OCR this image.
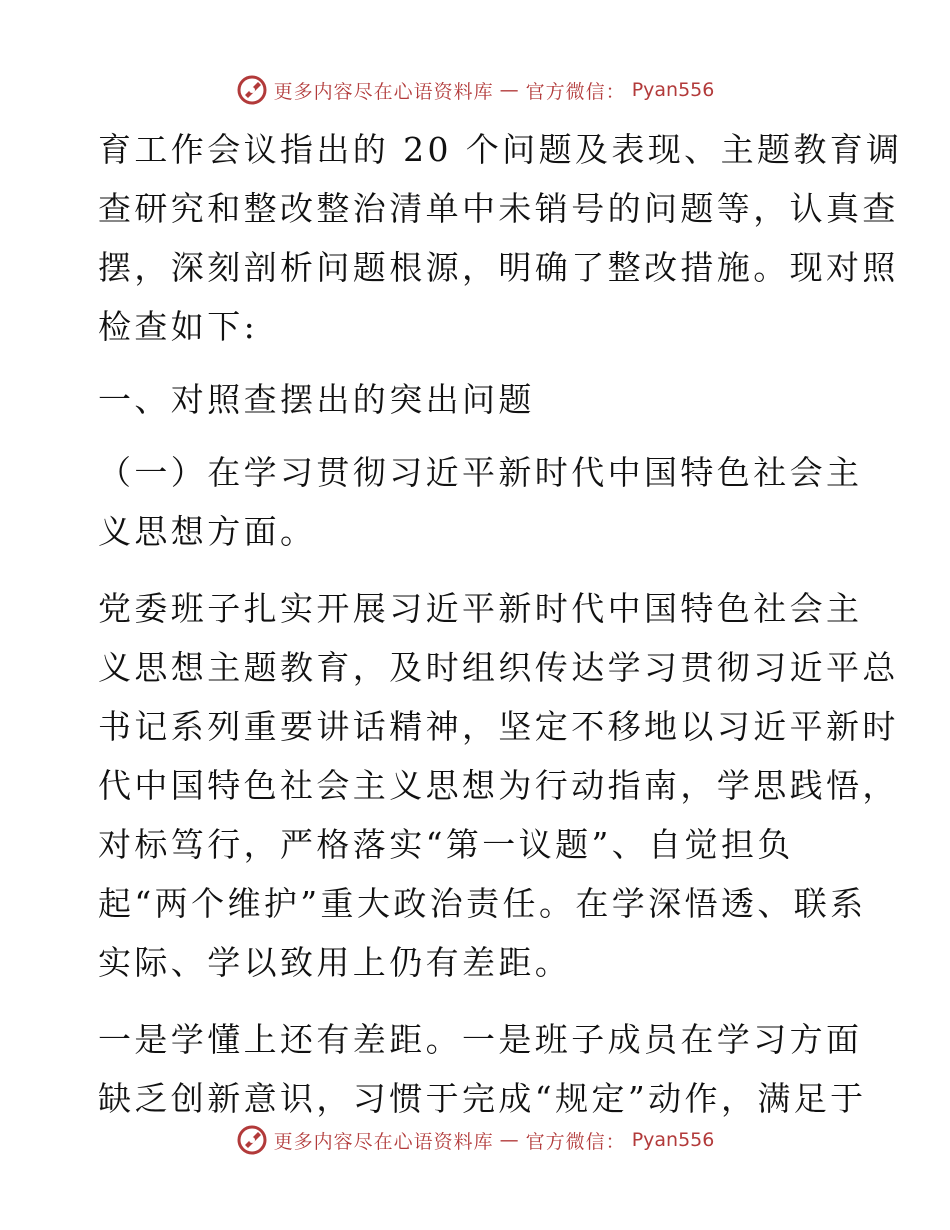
更多内容尽在心语资料库 — 官方微信： Pyan556
育工作会议指出的 20 个问题及表现、主题教育调
查研究和整改整治清单中未销号的问题等，认真查
摆，深刻剖析问题根源，明确了整改措施。现对照
检查如下:
一、对照查摆出的突出问题
（一）在学习贯彻习近平新时代中国特色社会主
义思想方面。
党委班子扎实开展习近平新时代中国特色社会主
义思想主题教育，及时组织传达学习贯彻习近平总
书记系列重要讲话精神，坚定不移地以习近平新时
代中国特色社会主义思想为行动指南，学思践悟，
对标笃行，严格落实“第一议题”、自觉担负
起“两个维护”重大政治责任。在学深悟透、联系
实际、学以致用上仍有差距。
一是学懂上还有差距。一是班子成员在学习方面
缺乏创新意识，习惯于完成“规定”动作，满足于
更多内容尽在心语资料库 — 官方微信： Pyan556
